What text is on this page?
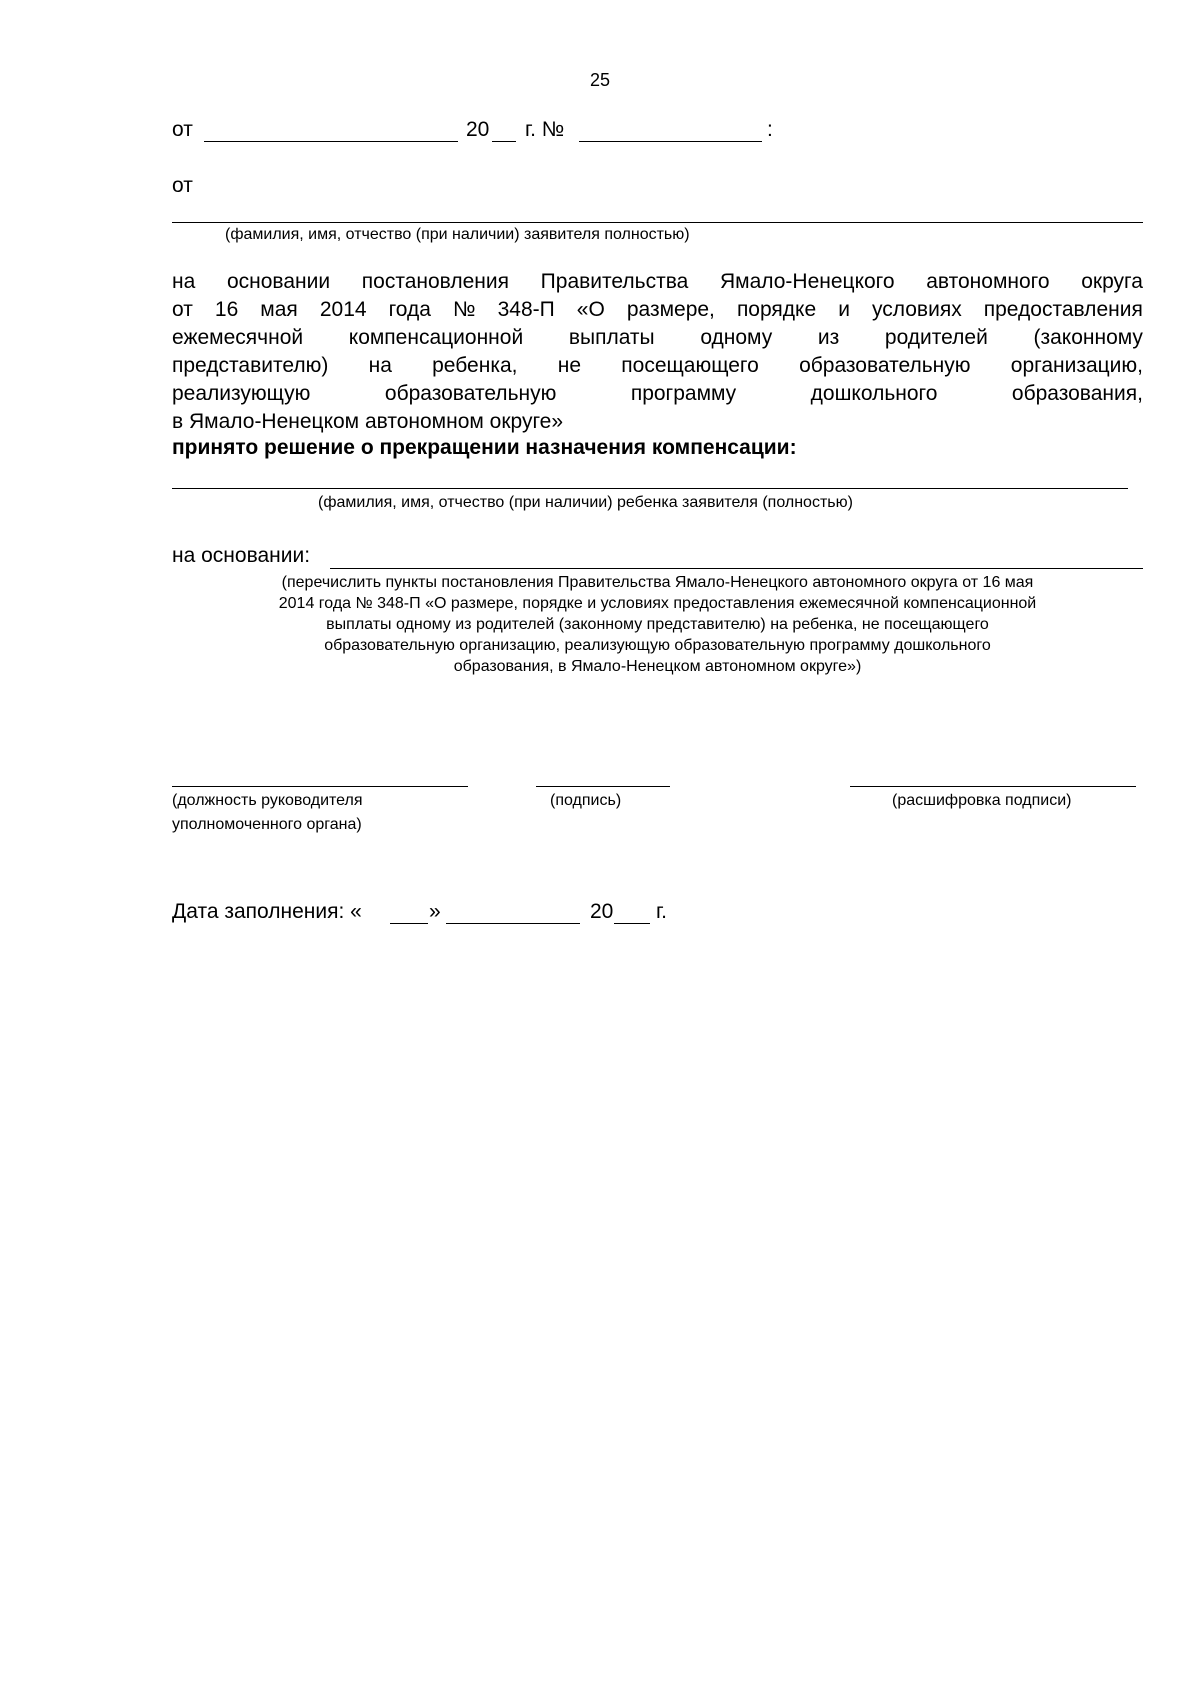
25
от	20 г. №	:
от
(фамилия, имя, отчество (при наличии) заявителя полностью)
на основании постановления Правительства Ямало-Ненецкого автономного округа
от 16 мая 2014 года № 348-П «О размере, порядке и условиях предоставления
ежемесячной компенсационной выплаты одному из родителей (законному
представителю) на ребенка, не посещающего образовательную организацию,
реализующую	образовательную	программу	дошкольного	образования,
в Ямало-Ненецком автономном округе»
принято решение о прекращении назначения компенсации:
(фамилия, имя, отчество (при наличии) ребенка заявителя (полностью)
на основании:
(перечислить пункты постановления Правительства Ямало-Ненецкого автономного округа от 16 мая
2014 года № 348-П «О размере, порядке и условиях предоставления ежемесячной компенсационной
выплаты одному из родителей (законному представителю) на ребенка, не посещающего
образовательную организацию, реализующую образовательную программу дошкольного
образования, в Ямало-Ненецком автономном округе»)
(должность руководителя
уполномоченного органа)
(подпись)	(расшифровка подписи)
Дата заполнения: «	»	20 г.
